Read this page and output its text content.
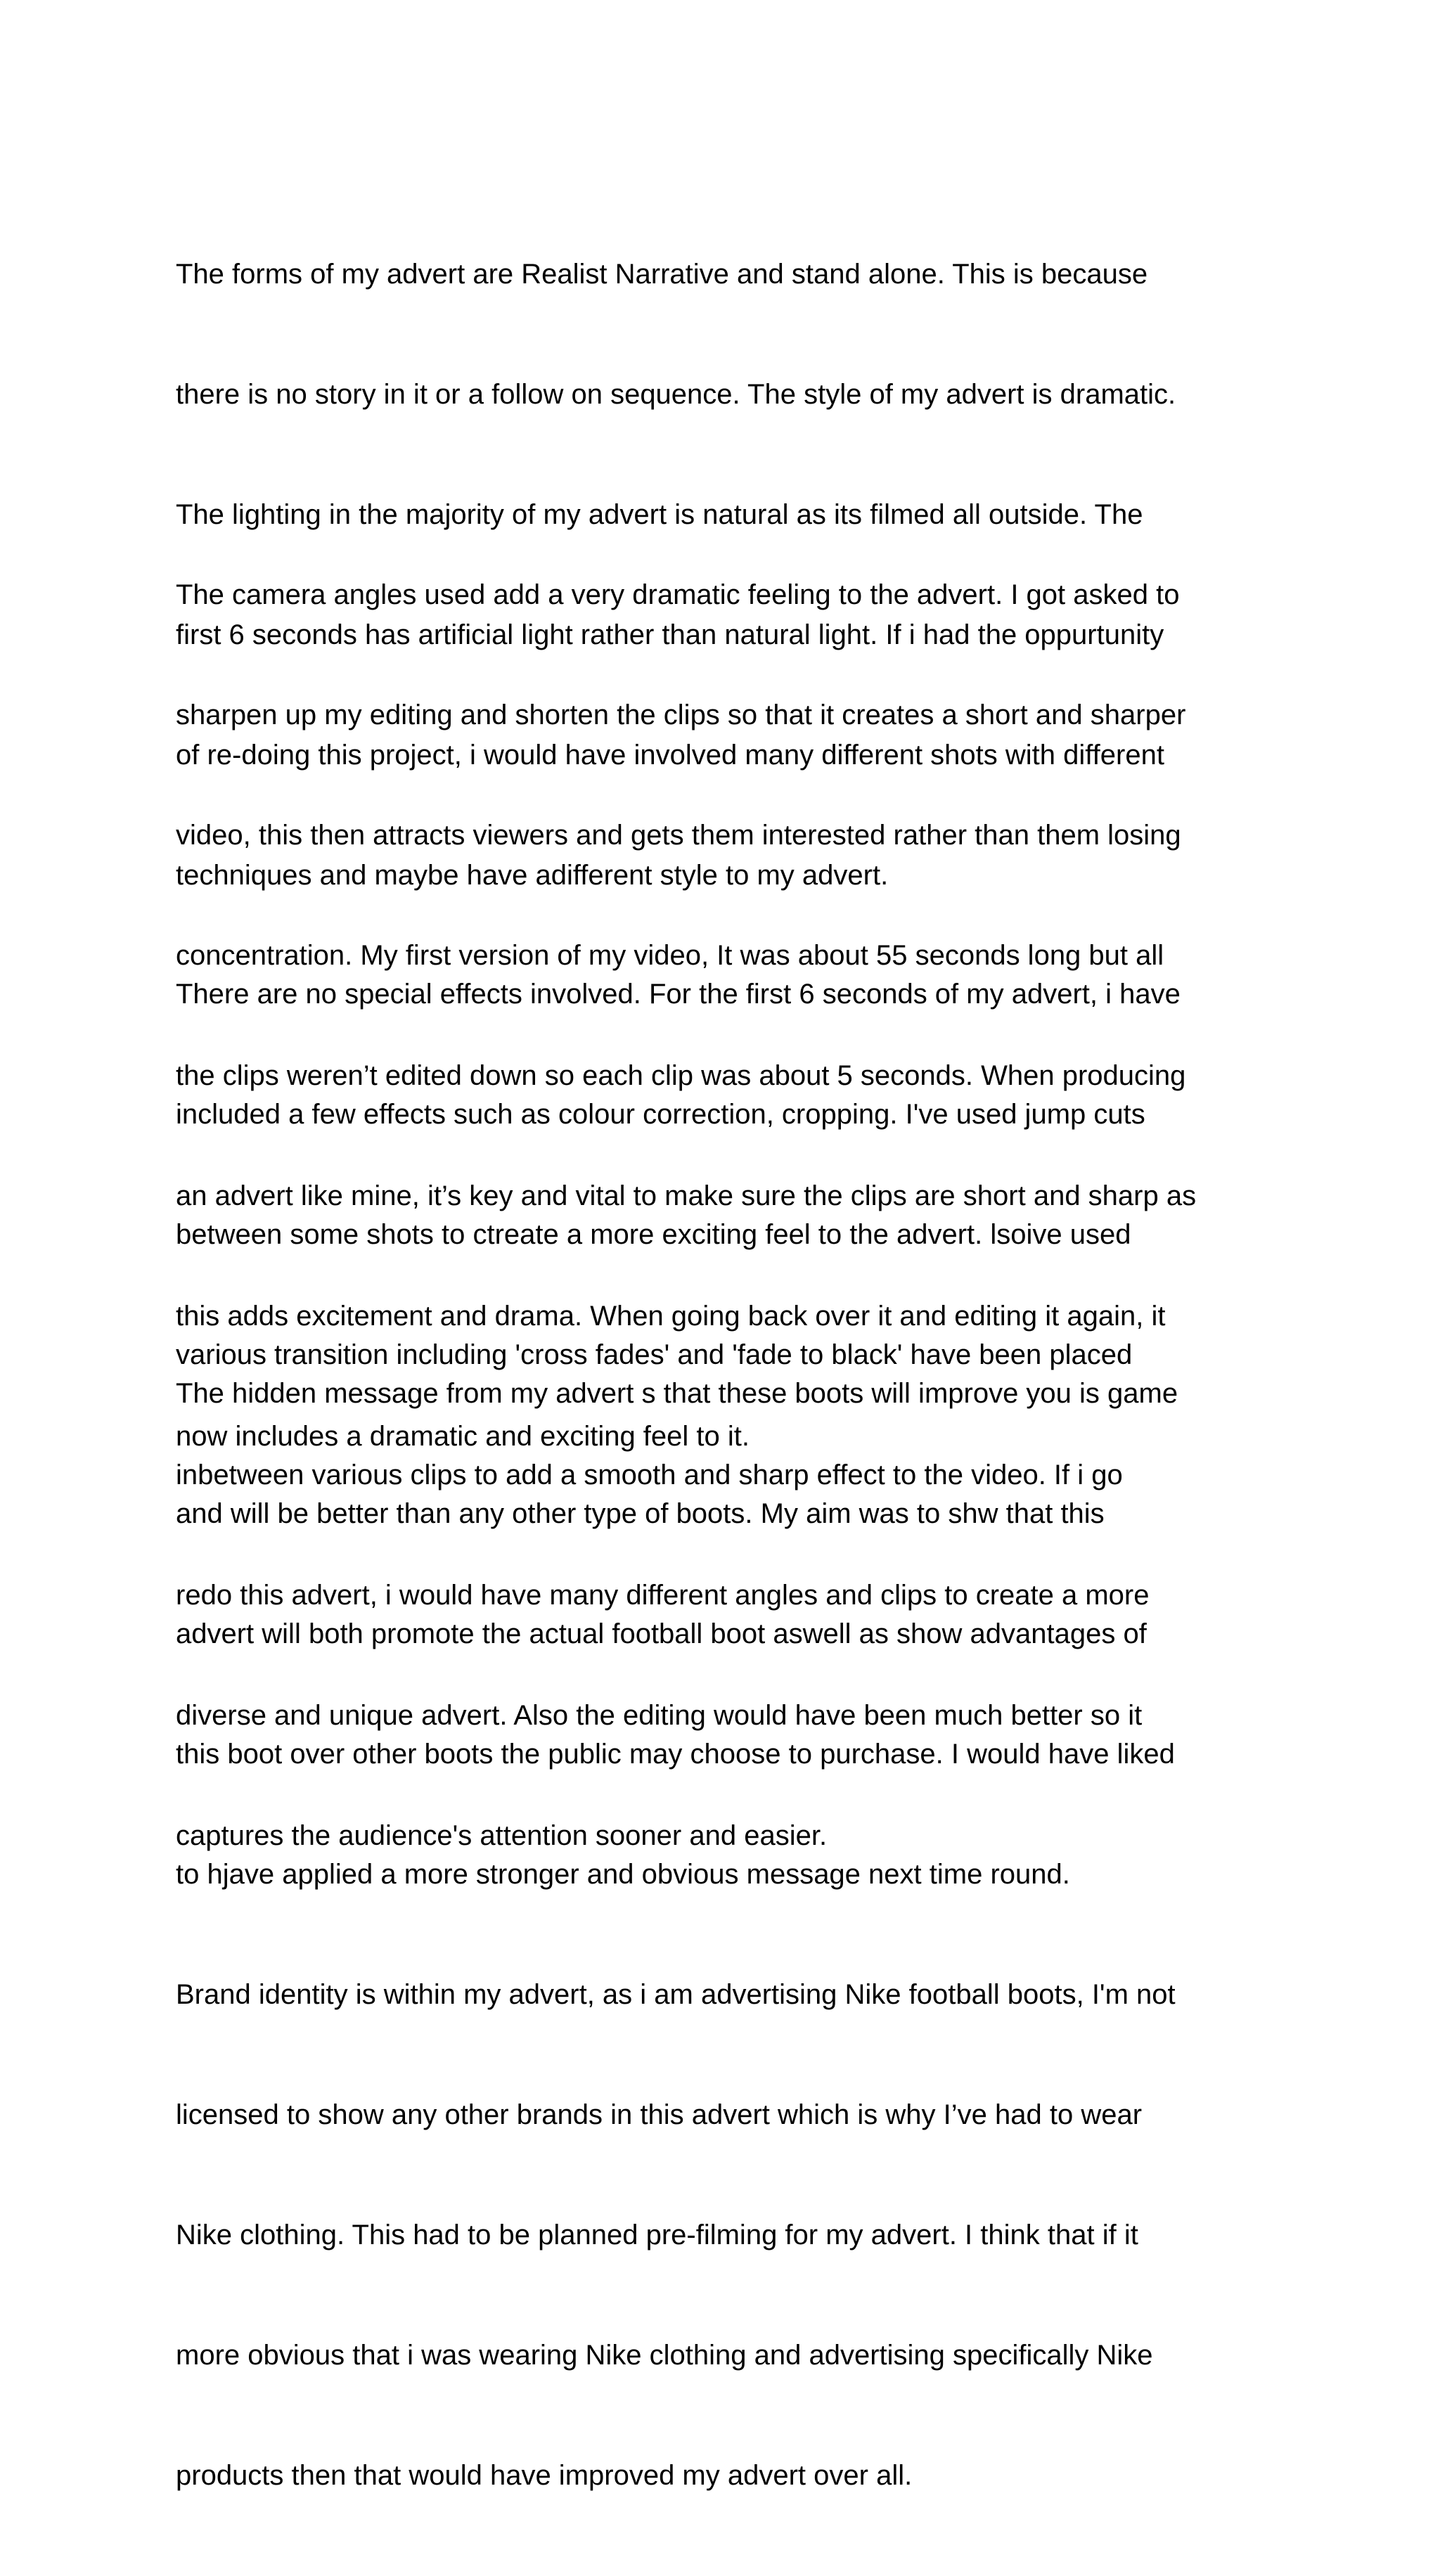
The forms of my advert are Realist Narrative and stand alone. This is because

there is no story in it or a follow on sequence. The style of my advert is dramatic.

The lighting in the majority of my advert is natural as its filmed all outside. The

first 6 seconds has artificial light rather than natural light. If i had the oppurtunity

of re-doing this project, i would have involved many different shots with different

techniques and maybe have adifferent style to my advert.

The camera angles used add a very dramatic feeling to the advert. I got asked to

sharpen up my editing and shorten the clips so that it creates a short and sharper

video, this then attracts viewers and gets them interested rather than them losing

concentration. My first version of my video, It was about 55 seconds long but all

the clips weren’t edited down so each clip was about 5 seconds. When producing

an advert like mine, it’s key and vital to make sure the clips are short and sharp as

this adds excitement and drama. When going back over it and editing it again, it

now includes a dramatic and exciting feel to it.

There are no special effects involved. For the first 6 seconds of my advert, i have

included a few effects such as colour correction, cropping. I've used jump cuts

between some shots to ctreate a more exciting feel to the advert. lsoive used

various transition including 'cross fades' and 'fade to black' have been placed

inbetween various clips to add a smooth and sharp effect to the video. If i go

redo this advert, i would have many different angles and clips to create a more

diverse and unique advert. Also the editing would have been much better so it

captures the audience's attention sooner and easier.

The hidden message from my advert s that these boots will improve you is game

and will be better than any other type of boots. My aim was to shw that this

advert will both promote the actual football boot aswell as show advantages of

this boot over other boots the public may choose to purchase. I would have liked

to hjave applied a more stronger and obvious message next time round.

Brand identity is within my advert, as i am advertising Nike football boots, I'm not

licensed to show any other brands in this advert which is why I’ve had to wear

Nike clothing. This had to be planned pre-filming for my advert. I think that if it

more obvious that i was wearing Nike clothing and advertising specifically Nike

products then that would have improved my advert over all.
